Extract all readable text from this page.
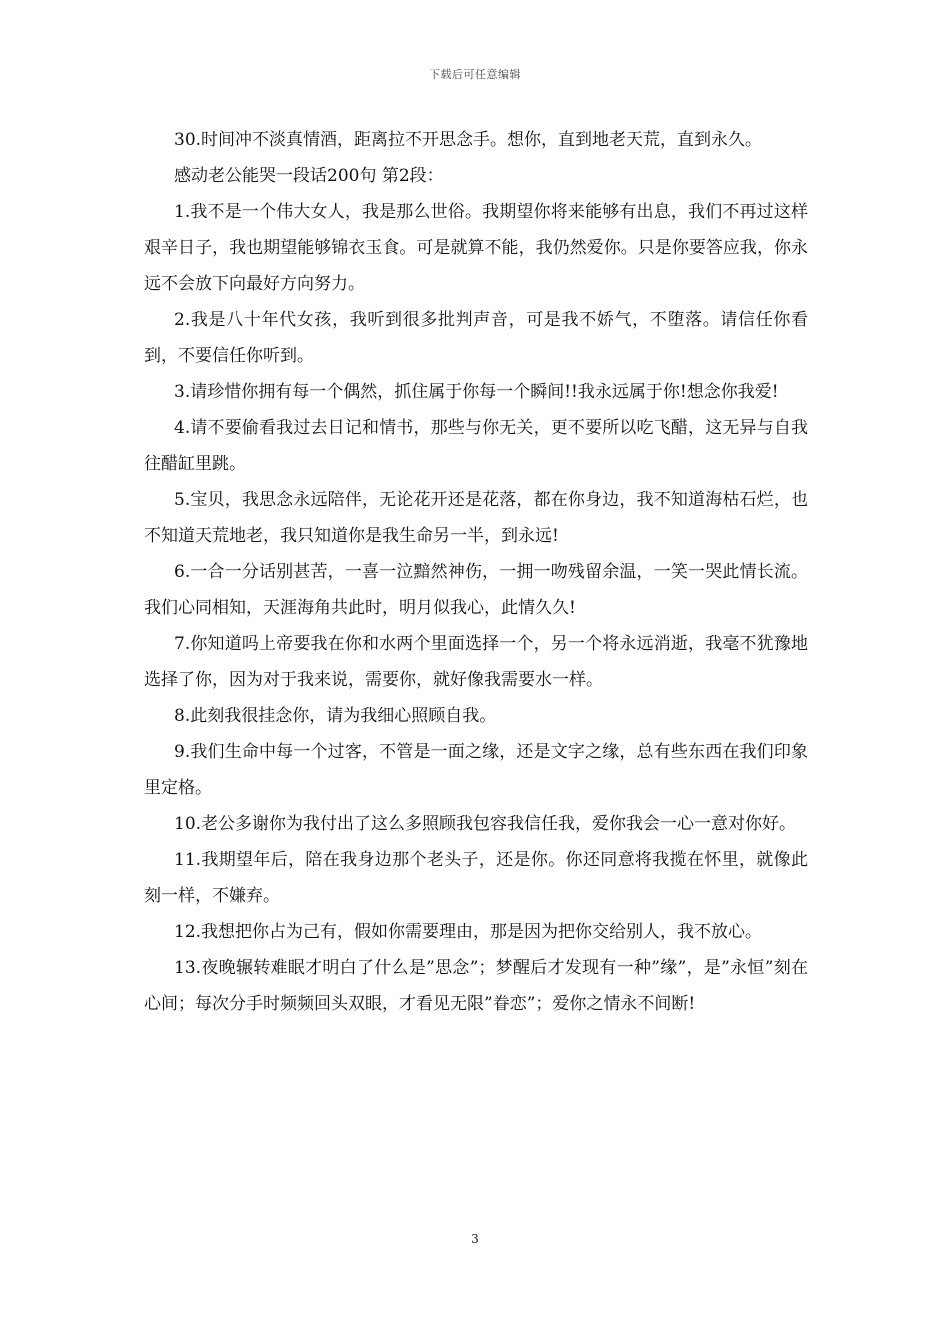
下载后可任意编辑

30.时间冲不淡真情酒，距离拉不开思念手。想你，直到地老天荒，直到永久。

感动老公能哭一段话200句 第2段：

1.我不是一个伟大女人，我是那么世俗。我期望你将来能够有出息，我们不再过这样艰辛日子，我也期望能够锦衣玉食。可是就算不能，我仍然爱你。只是你要答应我，你永远不会放下向最好方向努力。

2.我是八十年代女孩，我听到很多批判声音，可是我不娇气，不堕落。请信任你看到，不要信任你听到。

3.请珍惜你拥有每一个偶然，抓住属于你每一个瞬间!!我永远属于你!想念你我爱!

4.请不要偷看我过去日记和情书，那些与你无关，更不要所以吃飞醋，这无异与自我往醋缸里跳。

5.宝贝，我思念永远陪伴，无论花开还是花落，都在你身边，我不知道海枯石烂，也不知道天荒地老，我只知道你是我生命另一半，到永远!

6.一合一分话别甚苦，一喜一泣黯然神伤，一拥一吻残留余温，一笑一哭此情长流。我们心同相知，天涯海角共此时，明月似我心，此情久久!

7.你知道吗上帝要我在你和水两个里面选择一个，另一个将永远消逝，我毫不犹豫地选择了你，因为对于我来说，需要你，就好像我需要水一样。

8.此刻我很挂念你，请为我细心照顾自我。

9.我们生命中每一个过客，不管是一面之缘，还是文字之缘，总有些东西在我们印象里定格。

10.老公多谢你为我付出了这么多照顾我包容我信任我，爱你我会一心一意对你好。

11.我期望年后，陪在我身边那个老头子，还是你。你还同意将我揽在怀里，就像此刻一样，不嫌弃。

12.我想把你占为己有，假如你需要理由，那是因为把你交给别人，我不放心。

13.夜晚辗转难眠才明白了什么是”思念”；梦醒后才发现有一种”缘”，是”永恒”刻在心间；每次分手时频频回头双眼，才看见无限”眷恋”；爱你之情永不间断!

3
